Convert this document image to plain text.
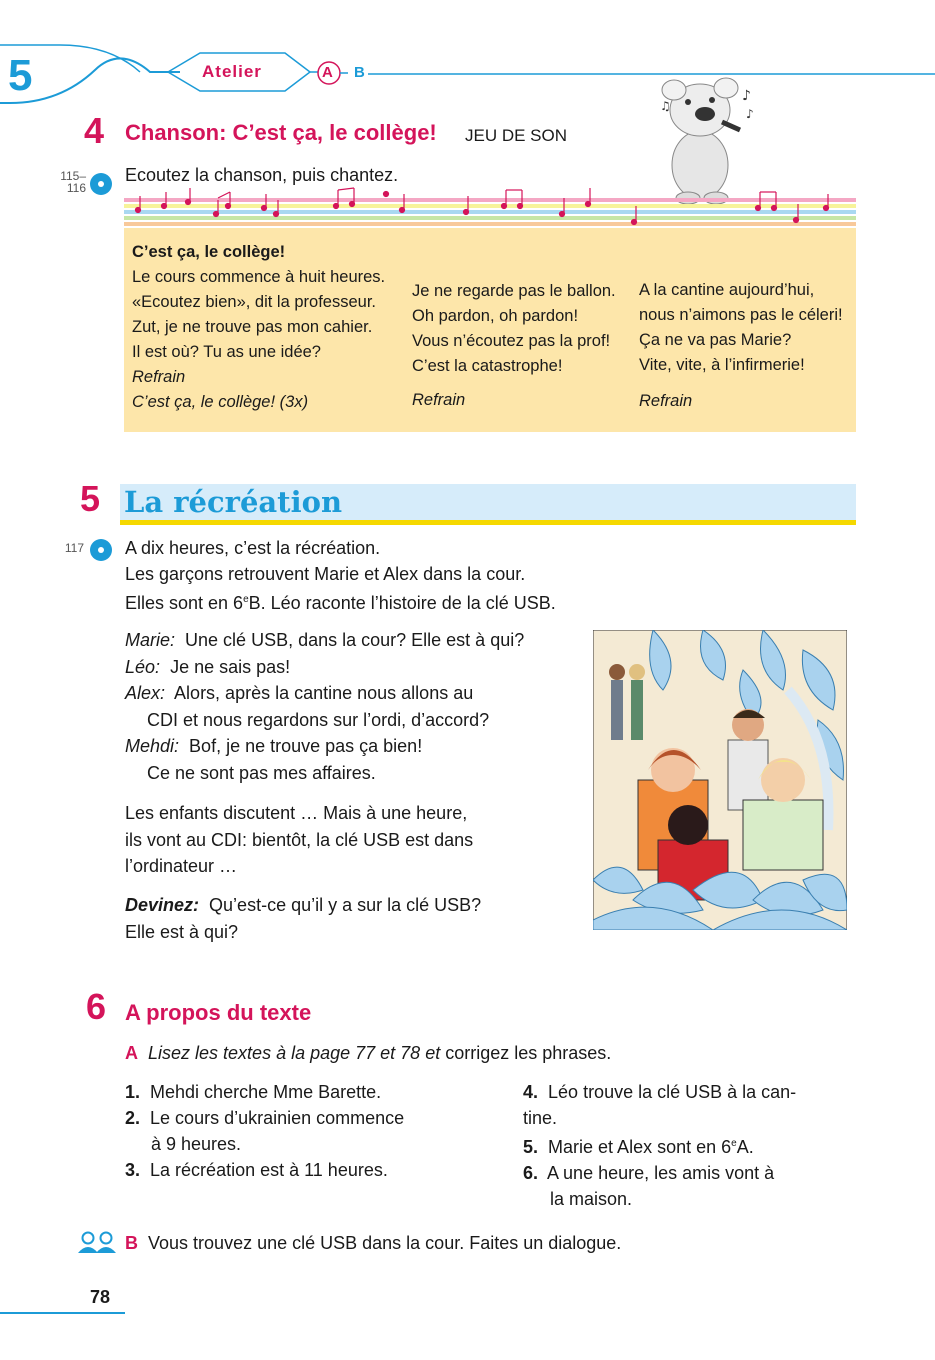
5	Atelier	A B
♪
♫
♪
4 Chanson: C’est ça, le collège! JEU DE SON
115–
116
Ecoutez la chanson, puis chantez.

C’est ça, le collège!

Le cours commence à huit heures.

«Ecoutez bien», dit la professeur.

Zut, je ne trouve pas mon cahier.

Il est où? Tu as une idée?

Refrain

C’est ça, le collège! (3x)

Je ne regarde pas le ballon.

Oh pardon, oh pardon!

Vous n’écoutez pas la prof!

C’est la catastrophe!

Refrain

A la cantine aujourd’hui,

nous n’aimons pas le céleri!

Ça ne va pas Marie?

Vite, vite, à l’infirmerie!

Refrain

5 La récréation
117 A dix heures, c’est la récréation.
Les garçons retrouvent Marie et Alex dans la cour.
Elles sont en 6eB. Léo raconte l’histoire de la clé USB.

Marie: Une clé USB, dans la cour? Elle est à qui?

Léo: Je ne sais pas!

Alex: Alors, après la cantine nous allons au

CDI et nous regardons sur l’ordi, d’accord?

Mehdi: Bof, je ne trouve pas ça bien!

Ce ne sont pas mes affaires.

Les enfants discutent … Mais à une heure,

ils vont au CDI: bientôt, la clé USB est dans

l’ordinateur …

Devinez: Qu’est-ce qu’il y a sur la clé USB?

Elle est à qui?

6 A propos du texte
A Lisez les textes à la page 77 et 78 et corrigez les phrases.

1. Mehdi cherche Mme Barette.

2. Le cours d’ukrainien commence

à 9 heures.

3. La récréation est à 11 heures.

4. Léo trouve la clé USB à la can-

tine.

5. Marie et Alex sont en 6eA.

6. A une heure, les amis vont à

la maison.

B Vous trouvez une clé USB dans la cour. Faites un dialogue.
78
